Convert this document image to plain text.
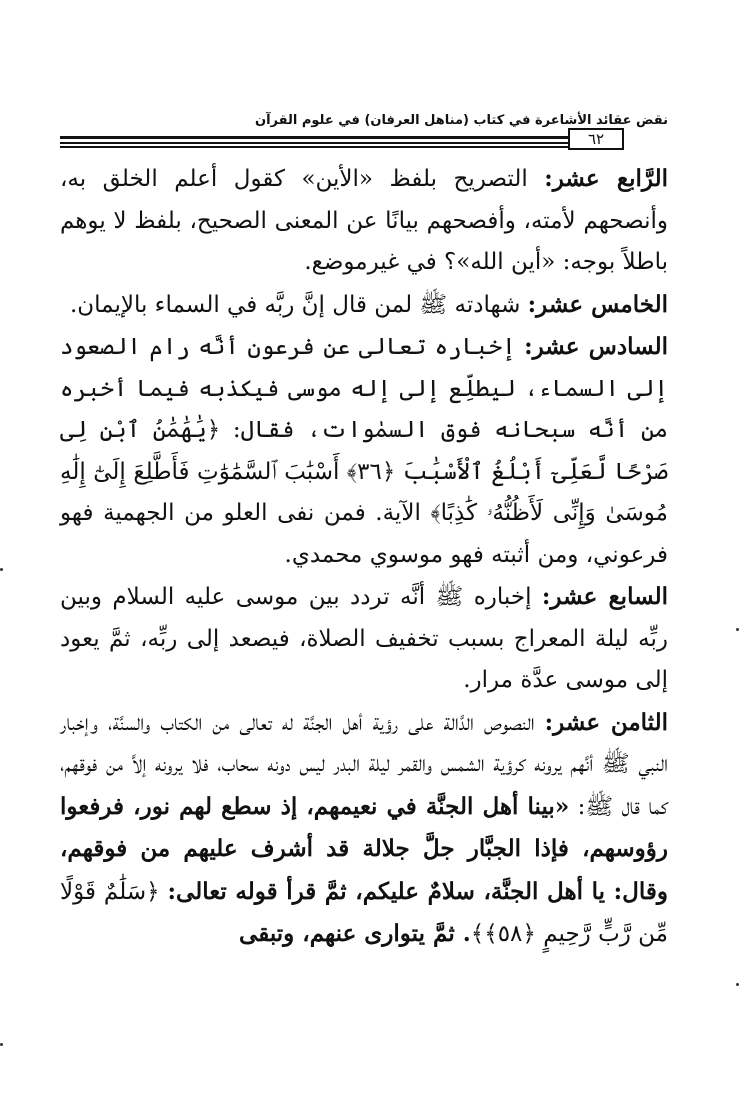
نقض عقائد الأشاعرة في كتاب (مناهل العرفان) في علوم القرآن
٦٢

الرَّابع عشر: التصريح بلفظ «الأين» كقول أعلم الخلق به، وأنصحهم لأمته، وأفصحهم بيانًا عن المعنى الصحيح، بلفظ لا يوهم باطلاً بوجه: «أين الله»؟ في غيرموضع.

الخامس عشر: شهادته ﷺ لمن قال إنَّ ربَّه في السماء بالإيمان.

السادس عشر: إخباره تعالى عن فرعون أنَّه رام الصعود إلى السماء، ليطلِّع إلى إله موسى فيكذبه فيما أخبره من أنَّه سبحانه فوق السمٰوات، فقال: ﴿يَٰهَٰمَٰنُ ٱبْنِ لِى صَرْحًا لَّعَلِّىٓ أَبْلُغُ ٱلْأَسْبَٰبَ ﴿٣٦﴾ أَسْبَٰبَ ٱلسَّمَٰوَٰتِ فَأَطَّلِعَ إِلَىٰٓ إِلَٰهِ مُوسَىٰ وَإِنِّى لَأَظُنُّهُۥ كَٰذِبًا﴾ الآية. فمن نفى العلو من الجهمية فهو فرعوني، ومن أثبته فهو موسوي محمدي.

السابع عشر: إخباره ﷺ أنَّه تردد بين موسى عليه السلام وبين ربِّه ليلة المعراج بسبب تخفيف الصلاة، فيصعد إلى ربِّه، ثمَّ يعود إلى موسى عدَّة مرار.

الثامن عشر: النصوص الدَّالة على رؤية أهل الجنَّة له تعالى من الكتاب والسنَّة، وإخبار النبي ﷺ أنَّهم يرونه كرؤية الشمس والقمر ليلة البدر ليس دونه سحاب، فلا يرونه إلاَّ من فوقهم، كما قال ﷺ: «بينا أهل الجنَّة في نعيمهم، إذ سطع لهم نور، فرفعوا رؤوسهم، فإذا الجبَّار جلَّ جلالة قد أشرف عليهم من فوقهم، وقال: يا أهل الجنَّة، سلامٌ عليكم، ثمَّ قرأ قوله تعالى: ﴿سَلَٰمٌ قَوْلًا مِّن رَّبٍّ رَّحِيمٍ ﴿٥٨﴾﴾. ثمَّ يتوارى عنهم، وتبقى
